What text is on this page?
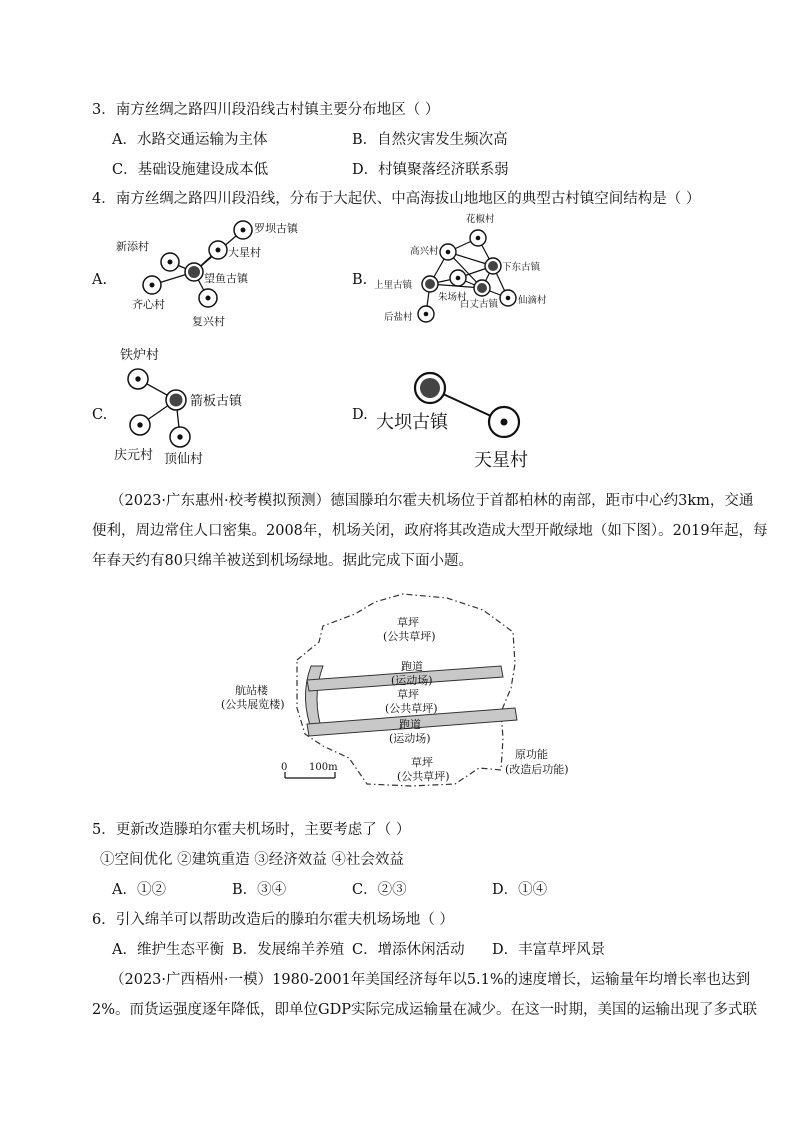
3．南方丝绸之路四川段沿线古村镇主要分布地区（ ）
A．水路交通运输为主体	B．自然灾害发生频次高
C．基础设施建设成本低	D．村镇聚落经济联系弱
4．南方丝绸之路四川段沿线，分布于大起伏、中高海拔山地地区的典型古村镇空间结构是（ ）
A.	B.
C.	D.
罗坝古镇
大星村
新添村
齐心村
复兴村
望鱼古镇
花椒村
高兴村
下东古镇
上里古镇
朱场村
白丈古镇 仙滴村
后盐村
铁炉村
庆元村 顶仙村
箭板古镇
大坝古镇
天星村
（2023·广东惠州·校考模拟预测）德国滕珀尔霍夫机场位于首都柏林的南部，距市中心约3km，交通
便利，周边常住人口密集。2008年，机场关闭，政府将其改造成大型开敞绿地（如下图）。2019年起，每
年春天约有80只绵羊被送到机场绿地。据此完成下面小题。
草坪
(公共草坪)
跑道
(运动场)
草坪
(公共草坪)
跑道
(运动场)
航站楼
(公共展览楼)
草坪
(公共草坪)
原功能
(改造后功能)
0 100m
5．更新改造滕珀尔霍夫机场时，主要考虑了（ ）
①空间优化 ②建筑重造 ③经济效益 ④社会效益
A．①②	B．③④	C．②③	D．①④
6．引入绵羊可以帮助改造后的滕珀尔霍夫机场场地（ ）
A．维护生态平衡 B．发展绵羊养殖 C．增添休闲活动 D．丰富草坪风景
（2023·广西梧州·一模）1980-2001年美国经济每年以5.1%的速度增长，运输量年均增长率也达到
2%。而货运强度逐年降低，即单位GDP实际完成运输量在减少。在这一时期，美国的运输出现了多式联
